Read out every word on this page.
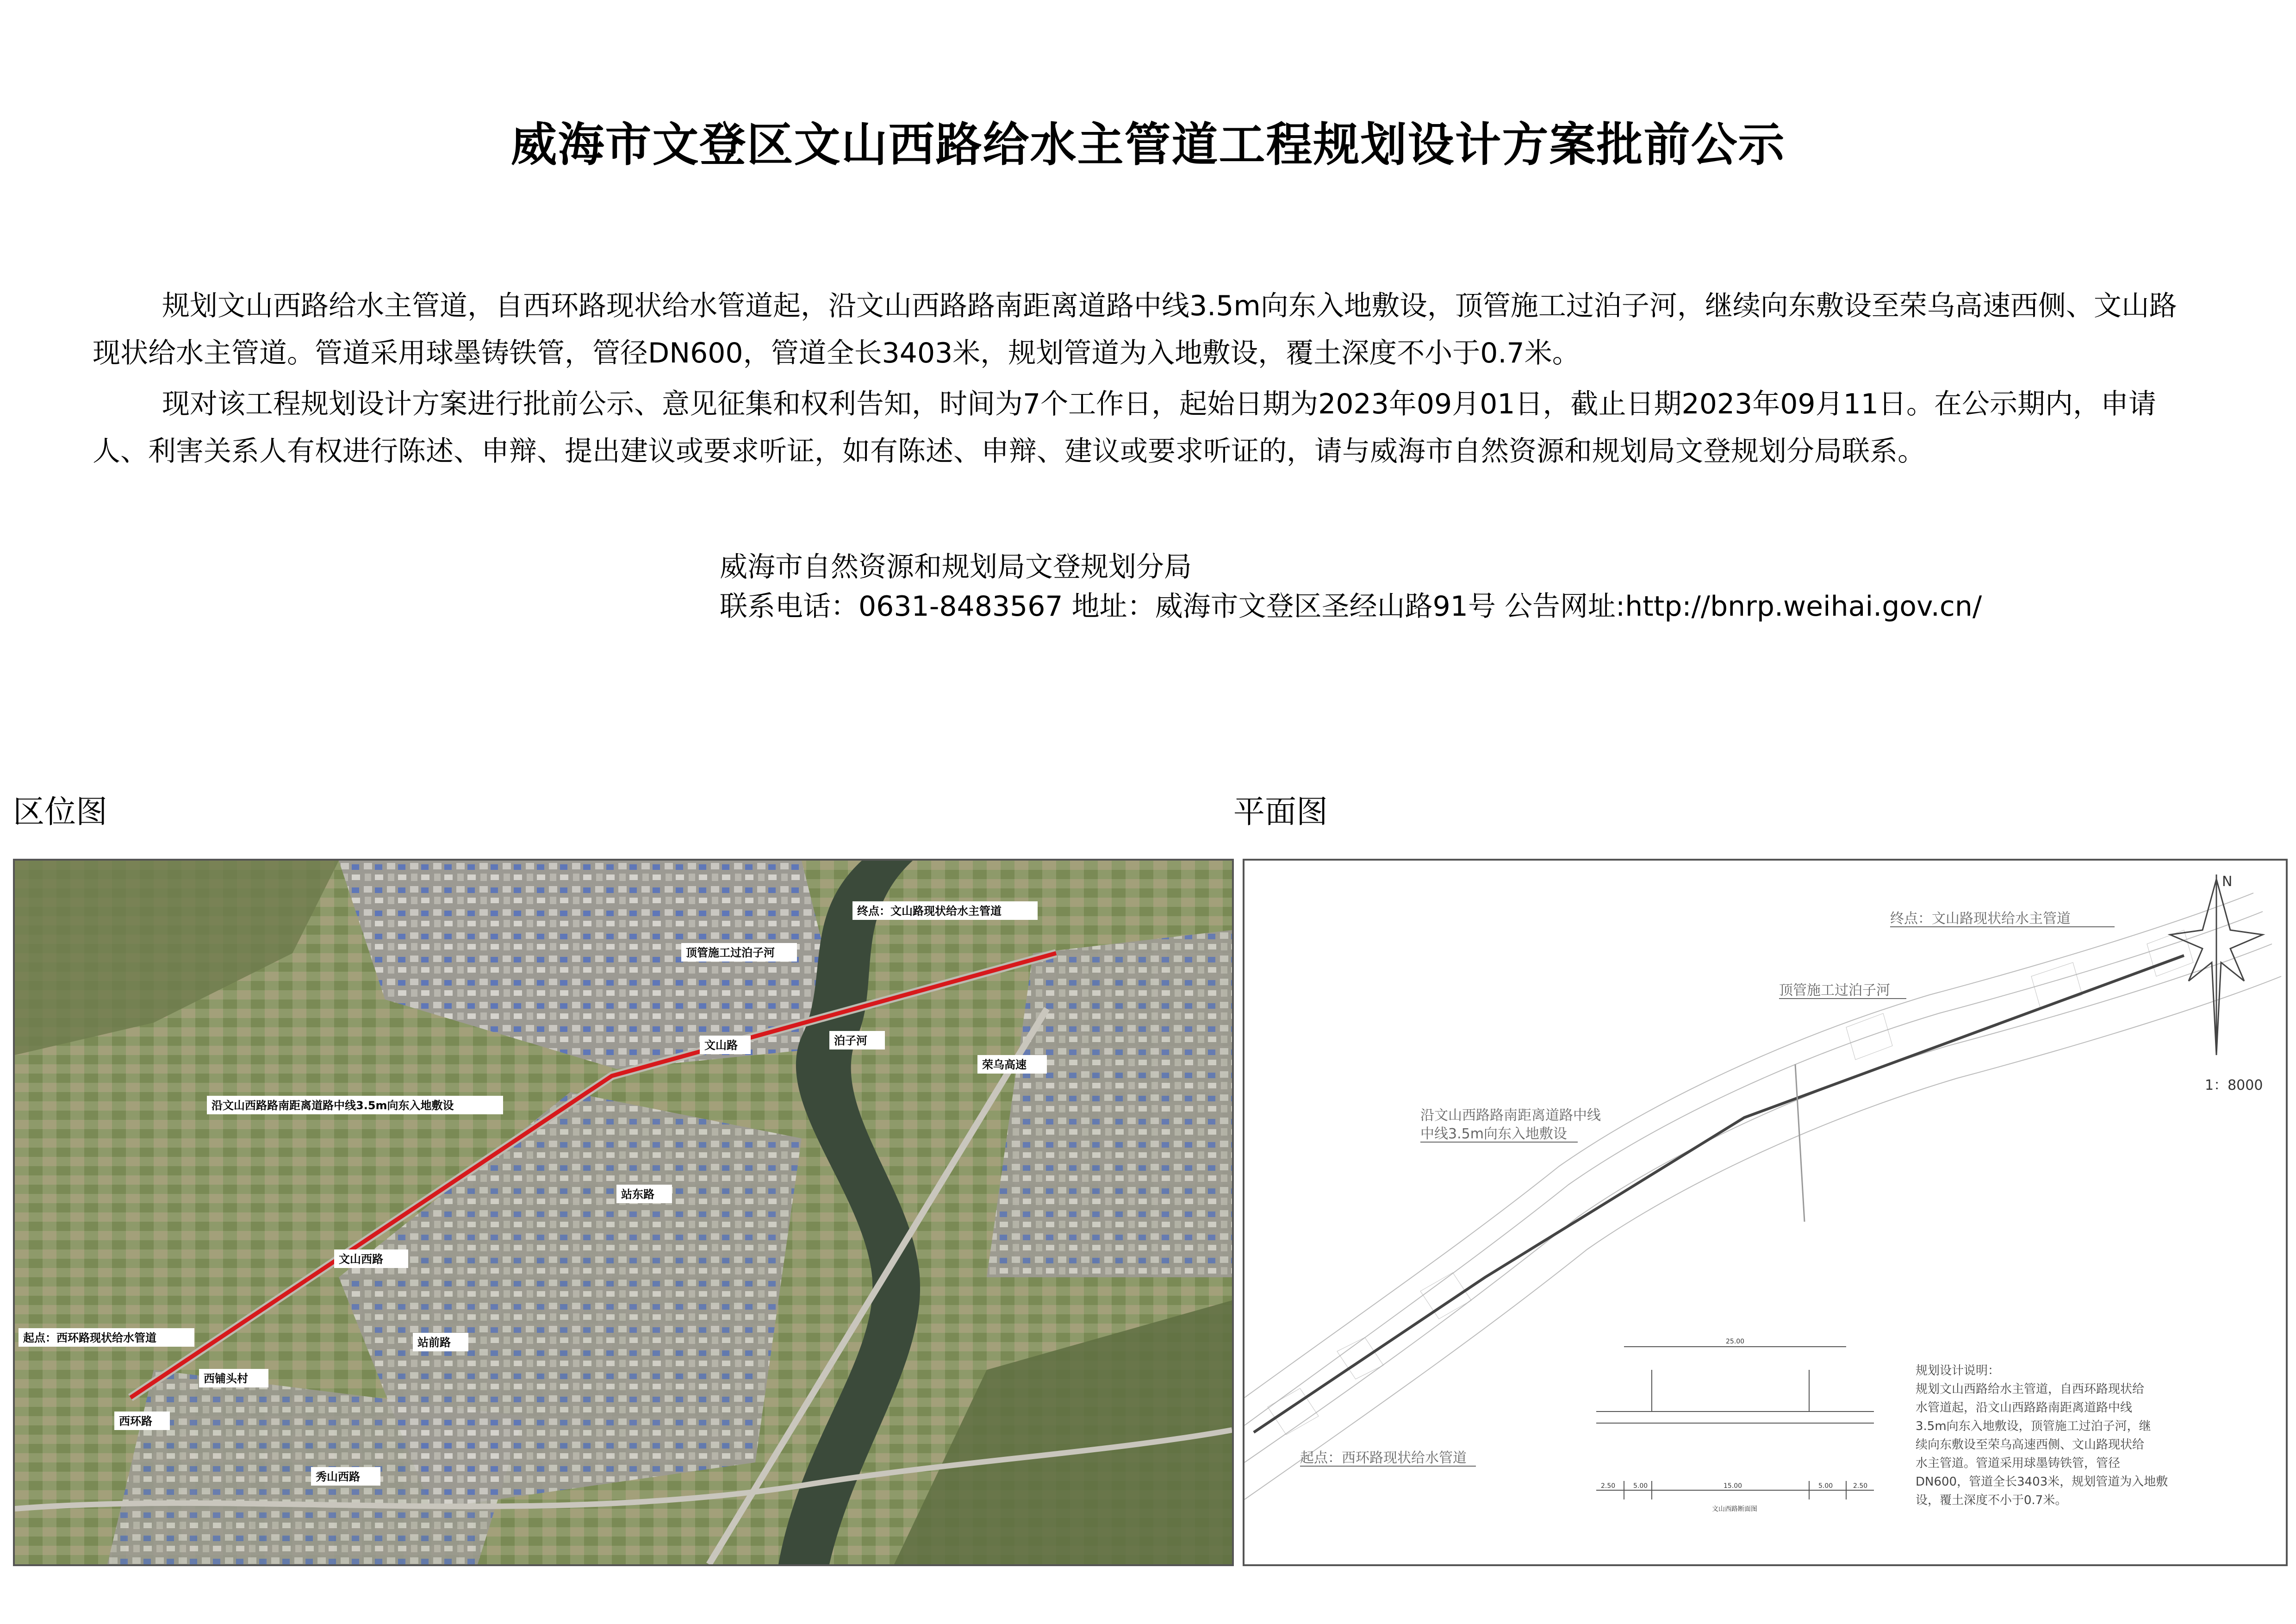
威海市文登区文山西路给水主管道工程规划设计方案批前公示

规划文山西路给水主管道，自西环路现状给水管道起，沿文山西路路南距离道路中线3.5m向东入地敷设，顶管施工过泊子河，继续向东敷设至荣乌高速西侧、文山路现状给水主管道。管道采用球墨铸铁管，管径DN600，管道全长3403米，规划管道为入地敷设，覆土深度不小于0.7米。

现对该工程规划设计方案进行批前公示、意见征集和权利告知，时间为7个工作日，起始日期为2023年09月01日，截止日期2023年09月11日。在公示期内，申请人、利害关系人有权进行陈述、申辩、提出建议或要求听证，如有陈述、申辩、建议或要求听证的，请与威海市自然资源和规划局文登规划分局联系。

威海市自然资源和规划局文登规划分局
联系电话：0631-8483567 地址：威海市文登区圣经山路91号 公告网址:http://bnrp.weihai.gov.cn/
区位图	平面图
终点：文山路现状给水主管道
顶管施工过泊子河
文山路	泊子河
荣乌高速
沿文山西路路南距离道路中线3.5m向东入地敷设
站东路
文山西路
起点：西环路现状给水管道	站前路
西铺头村
西环路
秀山西路
终点：文山路现状给水主管道
顶管施工过泊子河
沿文山西路路南距离道路中线
中线3.5m向东入地敷设
起点：西环路现状给水管道
N
1：8000
25.00
2.50	5.00	15.00	5.00	2.50
文山西路断面图
规划设计说明：
规划文山西路给水主管道，自西环路现状给
水管道起，沿文山西路路南距离道路中线
3.5m向东入地敷设，顶管施工过泊子河，继
续向东敷设至荣乌高速西侧、文山路现状给
水主管道。管道采用球墨铸铁管，管径
DN600，管道全长3403米，规划管道为入地敷
设，覆土深度不小于0.7米。
